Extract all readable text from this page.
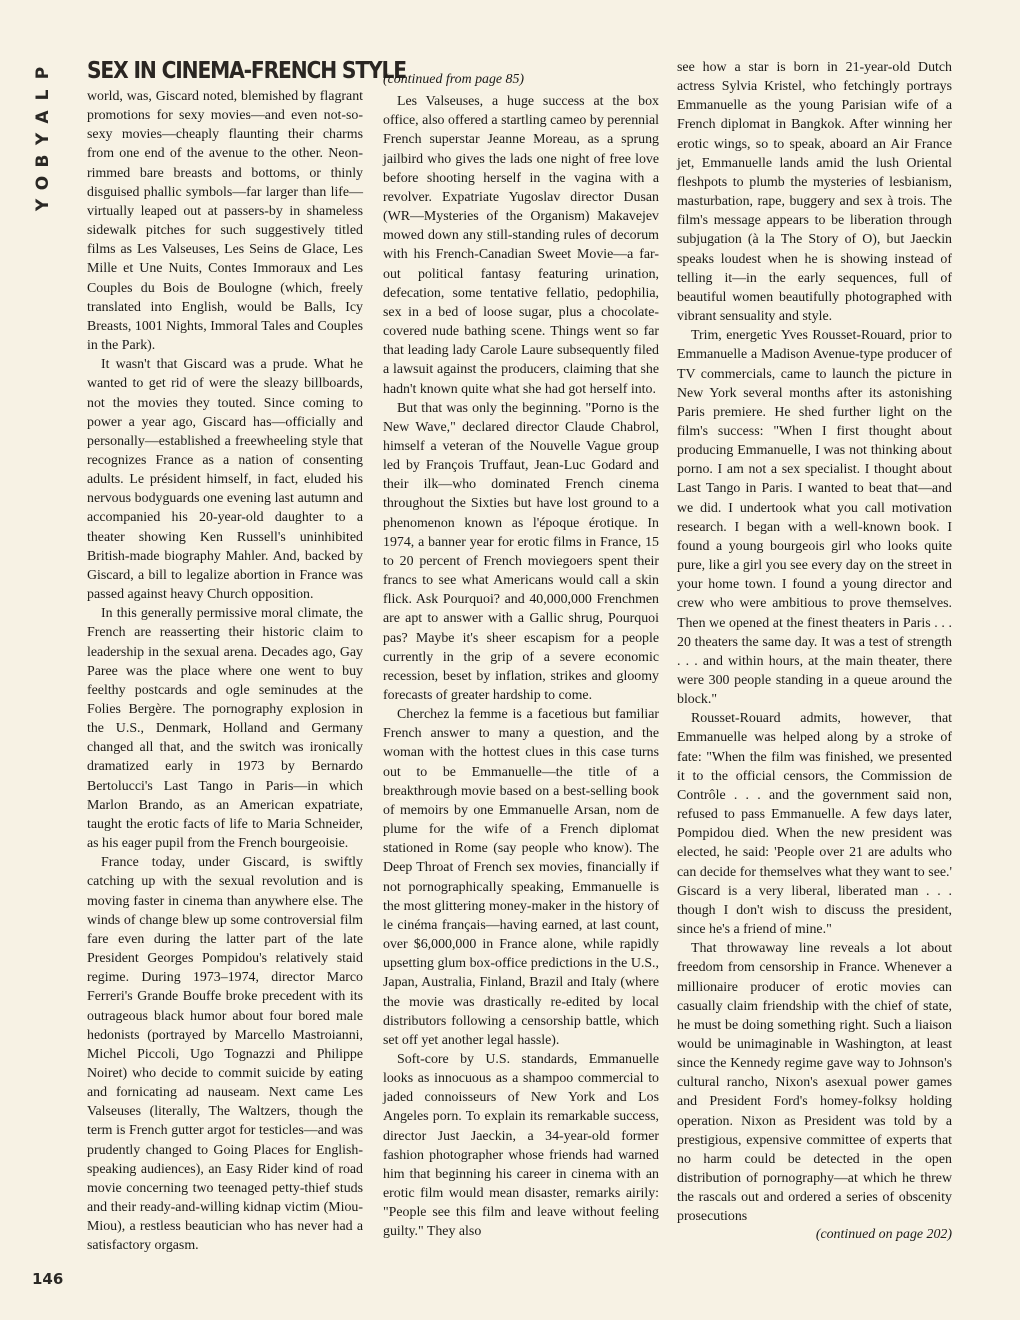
P
L
A
Y
B
O
Y
146
SEX IN CINEMA-FRENCH STYLE

world, was, Giscard noted, blemished by flagrant promotions for sexy movies—and even not-so-sexy movies—cheaply flaunting their charms from one end of the avenue to the other. Neon-rimmed bare breasts and bottoms, or thinly disguised phallic symbols—far larger than life—virtually leaped out at passers-by in shameless sidewalk pitches for such suggestively titled films as Les Valseuses, Les Seins de Glace, Les Mille et Une Nuits, Contes Immoraux and Les Couples du Bois de Boulogne (which, freely translated into English, would be Balls, Icy Breasts, 1001 Nights, Immoral Tales and Couples in the Park).

It wasn't that Giscard was a prude. What he wanted to get rid of were the sleazy billboards, not the movies they touted. Since coming to power a year ago, Giscard has—officially and personally—established a freewheeling style that recognizes France as a nation of consenting adults. Le président himself, in fact, eluded his nervous bodyguards one evening last autumn and accompanied his 20-year-old daughter to a theater showing Ken Russell's uninhibited British-made biography Mahler. And, backed by Giscard, a bill to legalize abortion in France was passed against heavy Church opposition.

In this generally permissive moral climate, the French are reasserting their historic claim to leadership in the sexual arena. Decades ago, Gay Paree was the place where one went to buy feelthy postcards and ogle seminudes at the Folies Bergère. The pornography explosion in the U.S., Denmark, Holland and Germany changed all that, and the switch was ironically dramatized early in 1973 by Bernardo Bertolucci's Last Tango in Paris—in which Marlon Brando, as an American expatriate, taught the erotic facts of life to Maria Schneider, as his eager pupil from the French bourgeoisie.

France today, under Giscard, is swiftly catching up with the sexual revolution and is moving faster in cinema than anywhere else. The winds of change blew up some controversial film fare even during the latter part of the late President Georges Pompidou's relatively staid regime. During 1973–1974, director Marco Ferreri's Grande Bouffe broke precedent with its outrageous black humor about four bored male hedonists (portrayed by Marcello Mastroianni, Michel Piccoli, Ugo Tognazzi and Philippe Noiret) who decide to commit suicide by eating and fornicating ad nauseam. Next came Les Valseuses (literally, The Waltzers, though the term is French gutter argot for testicles—and was prudently changed to Going Places for English-speaking audiences), an Easy Rider kind of road movie concerning two teenaged petty-thief studs and their ready-and-willing kidnap victim (Miou-Miou), a restless beautician who has never had a satisfactory orgasm.

(continued from page 85)

Les Valseuses, a huge success at the box office, also offered a startling cameo by perennial French superstar Jeanne Moreau, as a sprung jailbird who gives the lads one night of free love before shooting herself in the vagina with a revolver. Expatriate Yugoslav director Dusan (WR—Mysteries of the Organism) Makavejev mowed down any still-standing rules of decorum with his French-Canadian Sweet Movie—a far-out political fantasy featuring urination, defecation, some tentative fellatio, pedophilia, sex in a bed of loose sugar, plus a chocolate-covered nude bathing scene. Things went so far that leading lady Carole Laure subsequently filed a lawsuit against the producers, claiming that she hadn't known quite what she had got herself into.

But that was only the beginning. "Porno is the New Wave," declared director Claude Chabrol, himself a veteran of the Nouvelle Vague group led by François Truffaut, Jean-Luc Godard and their ilk—who dominated French cinema throughout the Sixties but have lost ground to a phenomenon known as l'époque érotique. In 1974, a banner year for erotic films in France, 15 to 20 percent of French moviegoers spent their francs to see what Americans would call a skin flick. Ask Pourquoi? and 40,000,000 Frenchmen are apt to answer with a Gallic shrug, Pourquoi pas? Maybe it's sheer escapism for a people currently in the grip of a severe economic recession, beset by inflation, strikes and gloomy forecasts of greater hardship to come.

Cherchez la femme is a facetious but familiar French answer to many a question, and the woman with the hottest clues in this case turns out to be Emmanuelle—the title of a breakthrough movie based on a best-selling book of memoirs by one Emmanuelle Arsan, nom de plume for the wife of a French diplomat stationed in Rome (say people who know). The Deep Throat of French sex movies, financially if not pornographically speaking, Emmanuelle is the most glittering money-maker in the history of le cinéma français—having earned, at last count, over $6,000,000 in France alone, while rapidly upsetting glum box-office predictions in the U.S., Japan, Australia, Finland, Brazil and Italy (where the movie was drastically re-edited by local distributors following a censorship battle, which set off yet another legal hassle).

Soft-core by U.S. standards, Emmanuelle looks as innocuous as a shampoo commercial to jaded connoisseurs of New York and Los Angeles porn. To explain its remarkable success, director Just Jaeckin, a 34-year-old former fashion photographer whose friends had warned him that beginning his career in cinema with an erotic film would mean disaster, remarks airily: "People see this film and leave without feeling guilty." They also

see how a star is born in 21-year-old Dutch actress Sylvia Kristel, who fetchingly portrays Emmanuelle as the young Parisian wife of a French diplomat in Bangkok. After winning her erotic wings, so to speak, aboard an Air France jet, Emmanuelle lands amid the lush Oriental fleshpots to plumb the mysteries of lesbianism, masturbation, rape, buggery and sex à trois. The film's message appears to be liberation through subjugation (à la The Story of O), but Jaeckin speaks loudest when he is showing instead of telling it—in the early sequences, full of beautiful women beautifully photographed with vibrant sensuality and style.

Trim, energetic Yves Rousset-Rouard, prior to Emmanuelle a Madison Avenue-type producer of TV commercials, came to launch the picture in New York several months after its astonishing Paris premiere. He shed further light on the film's success: "When I first thought about producing Emmanuelle, I was not thinking about porno. I am not a sex specialist. I thought about Last Tango in Paris. I wanted to beat that—and we did. I undertook what you call motivation research. I began with a well-known book. I found a young bourgeois girl who looks quite pure, like a girl you see every day on the street in your home town. I found a young director and crew who were ambitious to prove themselves. Then we opened at the finest theaters in Paris . . . 20 theaters the same day. It was a test of strength . . . and within hours, at the main theater, there were 300 people standing in a queue around the block."

Rousset-Rouard admits, however, that Emmanuelle was helped along by a stroke of fate: "When the film was finished, we presented it to the official censors, the Commission de Contrôle . . . and the government said non, refused to pass Emmanuelle. A few days later, Pompidou died. When the new president was elected, he said: 'People over 21 are adults who can decide for themselves what they want to see.' Giscard is a very liberal, liberated man . . . though I don't wish to discuss the president, since he's a friend of mine."

That throwaway line reveals a lot about freedom from censorship in France. Whenever a millionaire producer of erotic movies can casually claim friendship with the chief of state, he must be doing something right. Such a liaison would be unimaginable in Washington, at least since the Kennedy regime gave way to Johnson's cultural rancho, Nixon's asexual power games and President Ford's homey-folksy holding operation. Nixon as President was told by a prestigious, expensive committee of experts that no harm could be detected in the open distribution of pornography—at which he threw the rascals out and ordered a series of obscenity prosecutions

(continued on page 202)
